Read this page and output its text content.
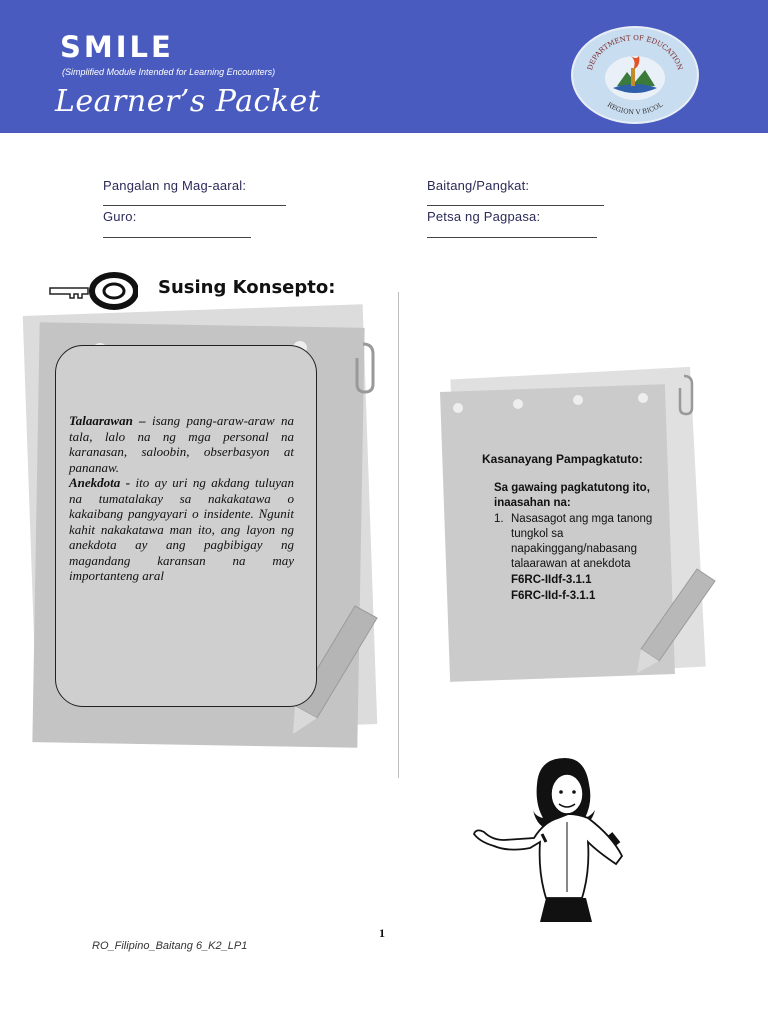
SMILE
(Simplified Module Intended for Learning Encounters)
Learner’s Packet
DEPARTMENT OF EDUCATION
REGION V BICOL
Pangalan ng Mag-aaral:
Guro:
Baitang/Pangkat:
Petsa ng Pagpasa:
Susing Konsepto:
Talaarawan – isang pang-araw-araw na tala, lalo na ng mga personal na karanasan, saloobin, obserbasyon at pananaw.
Anekdota - ito ay uri ng akdang tuluyan na tumatalakay sa nakakatawa o kakaibang pangyayari o insidente. Ngunit kahit nakakatawa man ito, ang layon ng anekdota ay ang pagbibigay ng magandang karansan na may importanteng aral
Kasanayang Pampagkatuto:
Sa gawaing pagkatutong ito,
inaasahan na:
1. Nasasagot ang mga tanong
tungkol sa
napakinggang/nabasang
talaarawan at anekdota
F6RC-IIdf-3.1.1
F6RC-IId-f-3.1.1
1
RO_Filipino_Baitang 6_K2_LP1
